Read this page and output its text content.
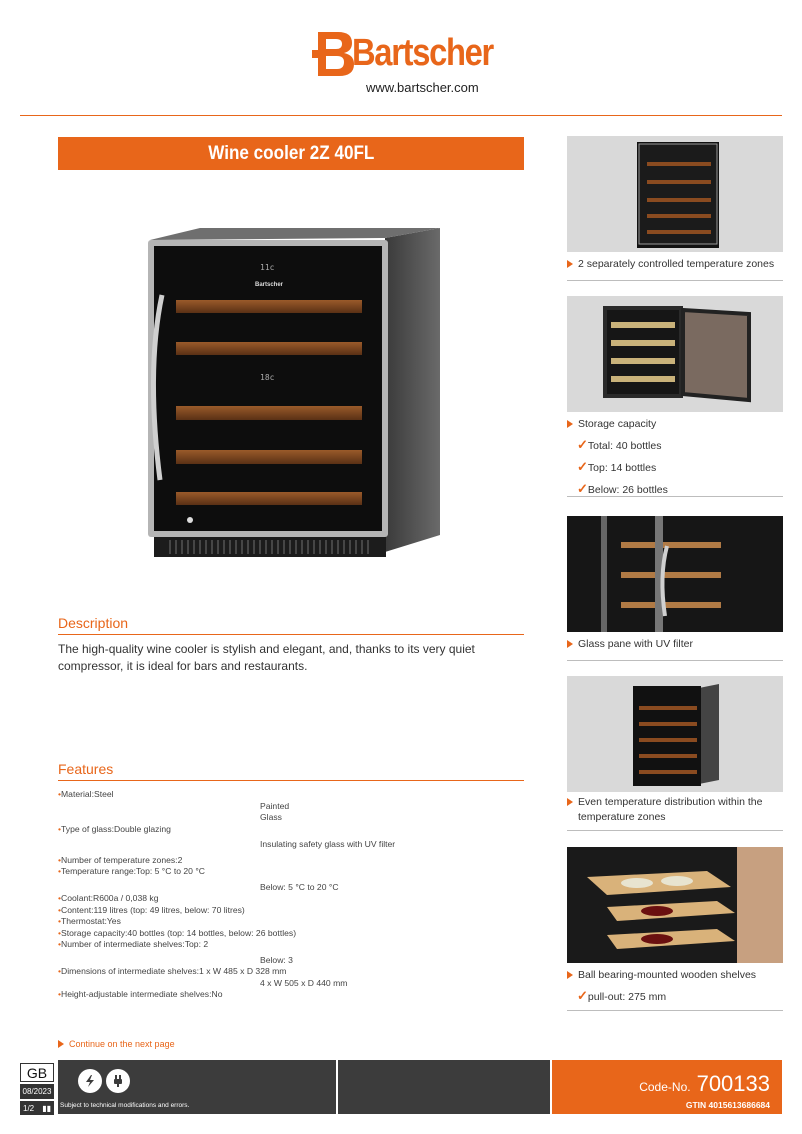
Bartscher
www.bartscher.com
Wine cooler 2Z 40FL
11c
18c
Bartscher
Description
The high-quality wine cooler is stylish and elegant, and, thanks to its very quiet compressor, it is ideal for bars and restaurants.
Features
•Material:Steel
Painted
Glass
•Type of glass:Double glazing
Insulating safety glass with UV filter
•Number of temperature zones:2
•Temperature range:Top: 5 °C to 20 °C
Below: 5 °C to 20 °C
•Coolant:R600a / 0,038 kg
•Content:119 litres (top: 49 litres, below: 70 litres)
•Thermostat:Yes
•Storage capacity:40 bottles (top: 14 bottles, below: 26 bottles)
•Number of intermediate shelves:Top: 2
Below: 3
•Dimensions of intermediate shelves:1 x W 485 x D 328 mm
4 x W 505 x D 440 mm
•Height-adjustable intermediate shelves:No
Continue on the next page
2 separately controlled temperature zones
Storage capacity
✓Total: 40 bottles
✓Top: 14 bottles
✓Below: 26 bottles
Glass pane with UV filter
Even temperature distribution within the temperature zones
Ball bearing-mounted wooden shelves
✓pull-out: 275 mm
GB
08/2023
1/2 ▮▮ Subject to technical modifications and errors.
Code-No. 700133
GTIN 4015613686684
